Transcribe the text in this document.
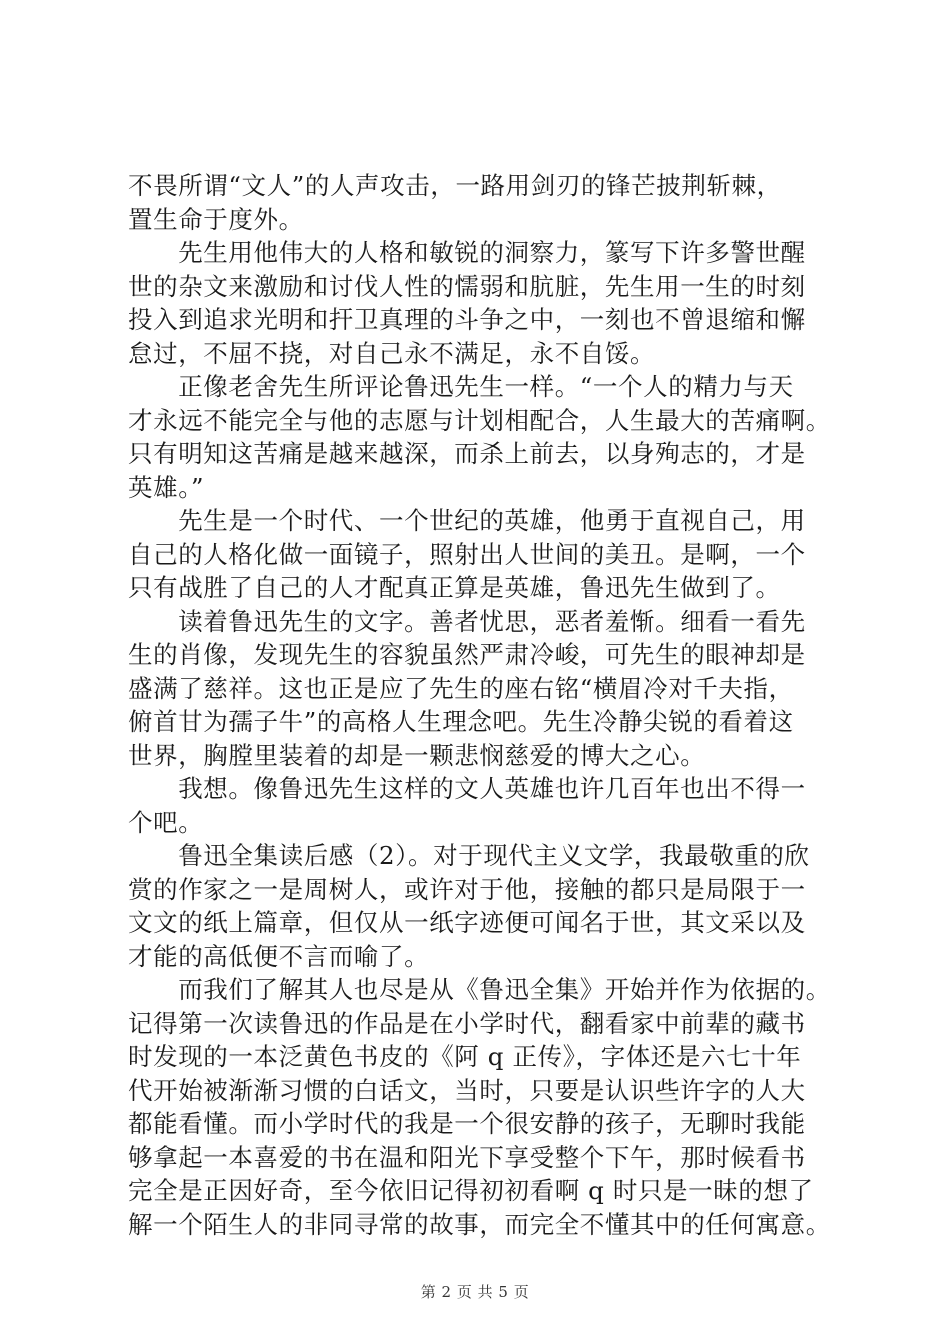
不畏所谓“文人”的人声攻击，一路用剑刃的锋芒披荆斩棘，
置生命于度外。
　　先生用他伟大的人格和敏锐的洞察力，篆写下许多警世醒
世的杂文来激励和讨伐人性的懦弱和肮脏，先生用一生的时刻
投入到追求光明和扞卫真理的斗争之中，一刻也不曾退缩和懈
怠过，不屈不挠，对自己永不满足，永不自馁。
　　正像老舍先生所评论鲁迅先生一样。“一个人的精力与天
才永远不能完全与他的志愿与计划相配合，人生最大的苦痛啊。
只有明知这苦痛是越来越深，而杀上前去，以身殉志的，才是
英雄。”
　　先生是一个时代、一个世纪的英雄，他勇于直视自己，用
自己的人格化做一面镜子，照射出人世间的美丑。是啊，一个
只有战胜了自己的人才配真正算是英雄，鲁迅先生做到了。
　　读着鲁迅先生的文字。善者忧思，恶者羞惭。细看一看先
生的肖像，发现先生的容貌虽然严肃冷峻，可先生的眼神却是
盛满了慈祥。这也正是应了先生的座右铭“横眉冷对千夫指，
俯首甘为孺子牛”的高格人生理念吧。先生冷静尖锐的看着这
世界，胸膛里装着的却是一颗悲悯慈爱的博大之心。
　　我想。像鲁迅先生这样的文人英雄也许几百年也出不得一
个吧。
　　鲁迅全集读后感（2）。对于现代主义文学，我最敬重的欣
赏的作家之一是周树人，或许对于他，接触的都只是局限于一
文文的纸上篇章，但仅从一纸字迹便可闻名于世，其文采以及
才能的高低便不言而喻了。
　　而我们了解其人也尽是从《鲁迅全集》开始并作为依据的。
记得第一次读鲁迅的作品是在小学时代，翻看家中前辈的藏书
时发现的一本泛黄色书皮的《阿 q 正传》，字体还是六七十年
代开始被渐渐习惯的白话文，当时，只要是认识些许字的人大
都能看懂。而小学时代的我是一个很安静的孩子，无聊时我能
够拿起一本喜爱的书在温和阳光下享受整个下午，那时候看书
完全是正因好奇，至今依旧记得初初看啊 q 时只是一昧的想了
解一个陌生人的非同寻常的故事，而完全不懂其中的任何寓意。
第 2 页 共 5 页
